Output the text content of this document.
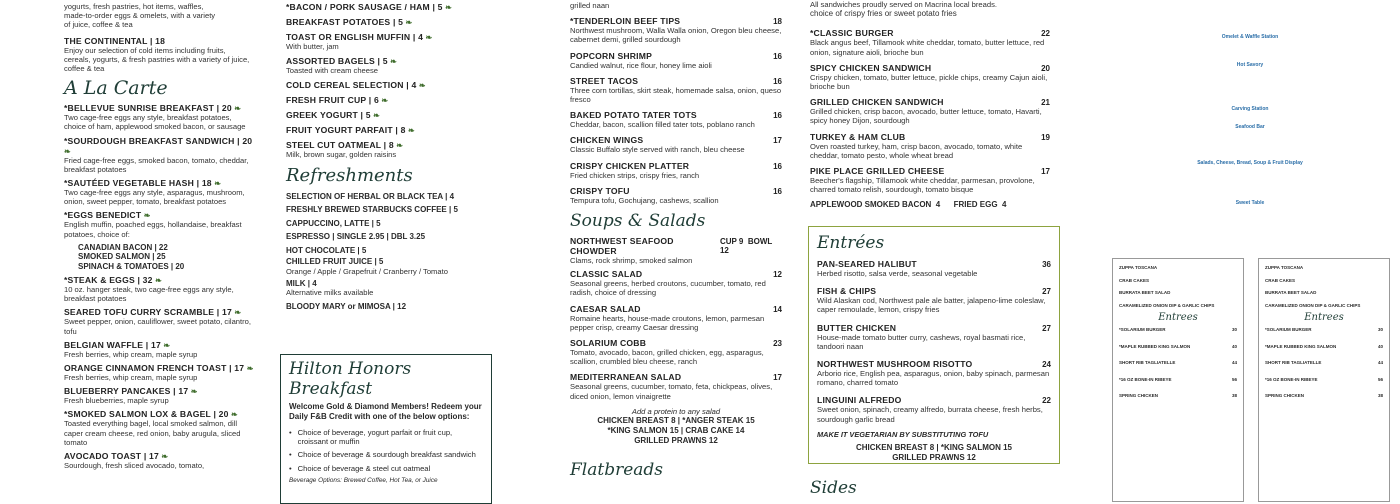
yogurts, fresh pastries, hot items, waffles,
made-to-order eggs & omelets, with a variety
of juice, coffee & tea
THE CONTINENTAL | 18
Enjoy our selection of cold items including fruits, cereals, yogurts, & fresh pastries with a variety of juice, coffee & tea
A La Carte
*BELLEVUE SUNRISE BREAKFAST | 20 ❧
Two cage-free eggs any style, breakfast potatoes, choice of ham, applewood smoked bacon, or sausage
*SOURDOUGH BREAKFAST SANDWICH | 20 ❧
Fried cage-free eggs, smoked bacon, tomato, cheddar, breakfast potatoes
*SAUTÉED VEGETABLE HASH | 18 ❧
Two cage-free eggs any style, asparagus, mushroom, onion, sweet pepper, tomato, breakfast potatoes
*EGGS BENEDICT ❧
English muffin, poached eggs, hollandaise, breakfast potatoes, choice of:
CANADIAN BACON | 22
SMOKED SALMON | 25
SPINACH & TOMATOES | 20
*STEAK & EGGS | 32 ❧
10 oz. hanger steak, two cage-free eggs any style, breakfast potatoes
SEARED TOFU CURRY SCRAMBLE | 17 ❧
Sweet pepper, onion, cauliflower, sweet potato, cilantro, tofu
BELGIAN WAFFLE | 17 ❧
Fresh berries, whip cream, maple syrup
ORANGE CINNAMON FRENCH TOAST | 17 ❧
Fresh berries, whip cream, maple syrup
BLUEBERRY PANCAKES | 17 ❧
Fresh blueberries, maple syrup
*SMOKED SALMON LOX & BAGEL | 20 ❧
Toasted everything bagel, local smoked salmon, dill caper cream cheese, red onion, baby arugula, sliced tomato
AVOCADO TOAST | 17 ❧
Sourdough, fresh sliced avocado, tomato,
*BACON / PORK SAUSAGE / HAM | 5 ❧
BREAKFAST POTATOES | 5 ❧
TOAST OR ENGLISH MUFFIN | 4 ❧
With butter, jam
ASSORTED BAGELS | 5 ❧
Toasted with cream cheese
COLD CEREAL SELECTION | 4 ❧
FRESH FRUIT CUP | 6 ❧
GREEK YOGURT | 5 ❧
FRUIT YOGURT PARFAIT | 8 ❧
STEEL CUT OATMEAL | 8 ❧
Milk, brown sugar, golden raisins
Refreshments
SELECTION OF HERBAL OR BLACK TEA | 4
FRESHLY BREWED STARBUCKS COFFEE | 5
CAPPUCCINO, LATTE | 5
ESPRESSO | SINGLE 2.95 | DBL 3.25
HOT CHOCOLATE | 5
CHILLED FRUIT JUICE | 5
Orange / Apple / Grapefruit / Cranberry / Tomato
MILK | 4
Alternative milks available
BLOODY MARY or MIMOSA | 12
Hilton Honors Breakfast
Welcome Gold & Diamond Members! Redeem your Daily F&B Credit with one of the below options:
• Choice of beverage, yogurt parfait or fruit cup, croissant or muffin
• Choice of beverage & sourdough breakfast sandwich
• Choice of beverage & steel cut oatmeal
Beverage Options: Brewed Coffee, Hot Tea, or Juice
grilled naan
*TENDERLOIN BEEF TIPS	18
Northwest mushroom, Walla Walla onion, Oregon bleu cheese, cabernet demi, grilled sourdough
POPCORN SHRIMP	16
Candied walnut, rice flour, honey lime aioli
STREET TACOS	16
Three corn tortillas, skirt steak, homemade salsa, onion, queso fresco
BAKED POTATO TATER TOTS	16
Cheddar, bacon, scallion filled tater tots, poblano ranch
CHICKEN WINGS	17
Classic Buffalo style served with ranch, bleu cheese
CRISPY CHICKEN PLATTER	16
Fried chicken strips, crispy fries, ranch
CRISPY TOFU	16
Tempura tofu, Gochujang, cashews, scallion
Soups & Salads
NORTHWEST SEAFOOD CHOWDER
CUP 9 BOWL 12
Clams, rock shrimp, smoked salmon
CLASSIC SALAD	12
Seasonal greens, herbed croutons, cucumber, tomato, red radish, choice of dressing
CAESAR SALAD	14
Romaine hearts, house-made croutons, lemon, parmesan pepper crisp, creamy Caesar dressing
SOLARIUM COBB	23
Tomato, avocado, bacon, grilled chicken, egg, asparagus, scallion, crumbled bleu cheese, ranch
MEDITERRANEAN SALAD	17
Seasonal greens, cucumber, tomato, feta, chickpeas, olives, diced onion, lemon vinaigrette
Add a protein to any salad
CHICKEN BREAST 8 | *ANGER STEAK 15
*KING SALMON 15 | CRAB CAKE 14
GRILLED PRAWNS 12
Flatbreads
All sandwiches proudly served on Macrina local breads.
choice of crispy fries or sweet potato fries
*CLASSIC BURGER	22
Black angus beef, Tillamook white cheddar, tomato, butter lettuce, red onion, signature aioli, brioche bun
SPICY CHICKEN SANDWICH	20
Crispy chicken, tomato, butter lettuce, pickle chips, creamy Cajun aioli, brioche bun
GRILLED CHICKEN SANDWICH	21
Grilled chicken, crisp bacon, avocado, butter lettuce, tomato, Havarti, spicy honey Dijon, sourdough
TURKEY & HAM CLUB	19
Oven roasted turkey, ham, crisp bacon, avocado, tomato, white cheddar, tomato pesto, whole wheat bread
PIKE PLACE GRILLED CHEESE	17
Beecher's flagship, Tillamook white cheddar, parmesan, provolone, charred tomato relish, sourdough, tomato bisque
APPLEWOOD SMOKED BACON  4      FRIED EGG  4
Entrées
PAN-SEARED HALIBUT	36
Herbed risotto, salsa verde, seasonal vegetable
FISH & CHIPS	27
Wild Alaskan cod, Northwest pale ale batter, jalapeno-lime coleslaw, caper remoulade, lemon, crispy fries
BUTTER CHICKEN	27
House-made tomato butter curry, cashews, royal basmati rice, tandoori naan
NORTHWEST MUSHROOM RISOTTO	24
Arborio rice, English pea, asparagus, onion, baby spinach, parmesan romano, charred tomato
LINGUINI ALFREDO	22
Sweet onion, spinach, creamy alfredo, burrata cheese, fresh herbs, sourdough garlic bread
MAKE IT VEGETARIAN BY SUBSTITUTING TOFU
CHICKEN BREAST 8 | *KING SALMON 15
GRILLED PRAWNS 12
Sides
Omelet & Waffle Station
Hot Savory
Carving Station
Seafood Bar
Salads, Cheese, Bread, Soup & Fruit Display
Sweet Table
ZUPPA TOSCANA
CRAB CAKES
BURRATA BEET SALAD
CARAMELIZED ONION DIP & GARLIC CHIPS
Entrees
*SOLARIUM BURGER	30
*MAPLE RUBBED KING SALMON	40
SHORT RIB TAGLIATELLE	44
*16 OZ BONE-IN RIBEYE	56
SPRING CHICKEN	38
ZUPPA TOSCANA
CRAB CAKES
BURRATA BEET SALAD
CARAMELIZED ONION DIP & GARLIC CHIPS
Entrees
*SOLARIUM BURGER	30
*MAPLE RUBBED KING SALMON	40
SHORT RIB TAGLIATELLE	44
*16 OZ BONE-IN RIBEYE	56
SPRING CHICKEN	38
